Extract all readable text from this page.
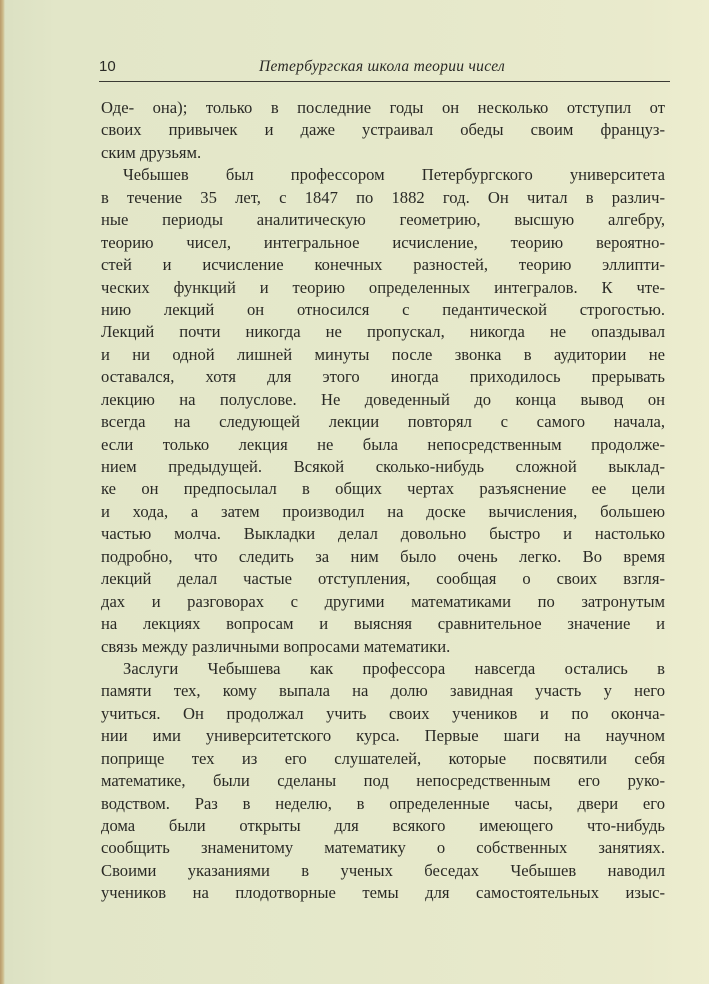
10	Петербургская школа теории чисел
Оде- она); только в последние годы он несколько отступил от
своих привычек и даже устраивал обеды своим француз-
ским друзьям.
Чебышев был профессором Петербургского университета
в течение 35 лет, с 1847 по 1882 год. Он читал в различ-
ные периоды аналитическую геометрию, высшую алгебру,
теорию чисел, интегральное исчисление, теорию вероятно-
стей и исчисление конечных разностей, теорию эллипти-
ческих функций и теорию определенных интегралов. К чте-
нию лекций он относился с педантической строгостью.
Лекций почти никогда не пропускал, никогда не опаздывал
и ни одной лишней минуты после звонка в аудитории не
оставался, хотя для этого иногда приходилось прерывать
лекцию на полуслове. Не доведенный до конца вывод он
всегда на следующей лекции повторял с самого начала,
если только лекция не была непосредственным продолже-
нием предыдущей. Всякой сколько-нибудь сложной выклад-
ке он предпосылал в общих чертах разъяснение ее цели
и хода, а затем производил на доске вычисления, большею
частью молча. Выкладки делал довольно быстро и настолько
подробно, что следить за ним было очень легко. Во время
лекций делал частые отступления, сообщая о своих взгля-
дах и разговорах с другими математиками по затронутым
на лекциях вопросам и выясняя сравнительное значение и
связь между различными вопросами математики.
Заслуги Чебышева как профессора навсегда остались в
памяти тех, кому выпала на долю завидная участь у него
учиться. Он продолжал учить своих учеников и по оконча-
нии ими университетского курса. Первые шаги на научном
поприще тех из его слушателей, которые посвятили себя
математике, были сделаны под непосредственным его руко-
водством. Раз в неделю, в определенные часы, двери его
дома были открыты для всякого имеющего что-нибудь
сообщить знаменитому математику о собственных занятиях.
Своими указаниями в ученых беседах Чебышев наводил
учеников на плодотворные темы для самостоятельных изыс-
